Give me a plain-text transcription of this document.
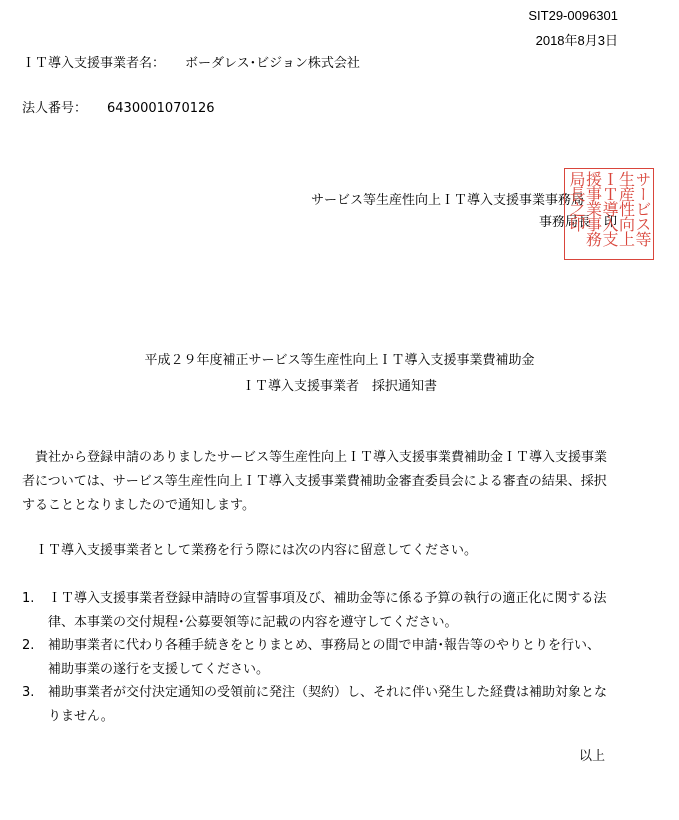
SIT29-0096301
2018年8月3日
ＩＴ導入支援事業者名： ボーダレス･ビジョン株式会社
法人番号： 6430001070126
サービス等生産性向上ＩＴ導入支援事業事務局
事務局長　印 サービス等
生産性向上
ＩＴ導入支
援事業事務
局長之印
平成２９年度補正サービス等生産性向上ＩＴ導入支援事業費補助金
ＩＴ導入支援事業者　採択通知書
貴社から登録申請のありましたサービス等生産性向上ＩＴ導入支援事業費補助金ＩＴ導入支援事業者については、サービス等生産性向上ＩＴ導入支援事業費補助金審査委員会による審査の結果、採択することとなりましたので通知します。
ＩＴ導入支援事業者として業務を行う際には次の内容に留意してください。
1. ＩＴ導入支援事業者登録申請時の宣誓事項及び、補助金等に係る予算の執行の適正化に関する法律、本事業の交付規程･公募要領等に記載の内容を遵守してください。
2. 補助事業者に代わり各種手続きをとりまとめ、事務局との間で申請･報告等のやりとりを行い、補助事業の遂行を支援してください。
3. 補助事業者が交付決定通知の受領前に発注（契約）し、それに伴い発生した経費は補助対象となりません。
以上
